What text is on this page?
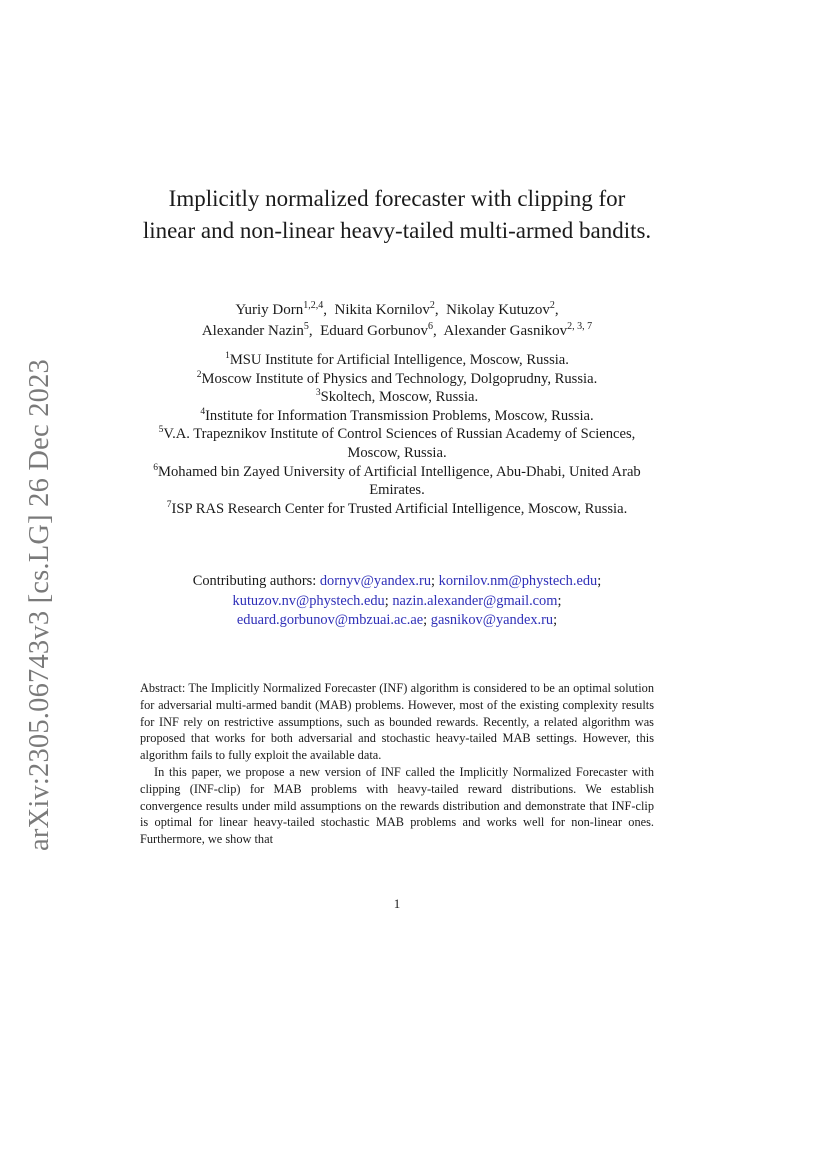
arXiv:2305.06743v3 [cs.LG] 26 Dec 2023
Implicitly normalized forecaster with clipping for linear and non-linear heavy-tailed multi-armed bandits.
Yuriy Dorn$^{1,2,4}$,  Nikita Kornilov$^2$,  Nikolay Kutuzov$^2$,
Alexander Nazin$^5$,  Eduard Gorbunov$^6$,  Alexander Gasnikov$^{2, 3, 7}$
$^1$MSU Institute for Artificial Intelligence, Moscow, Russia.
$^2$Moscow Institute of Physics and Technology, Dolgoprudny, Russia.
$^3$Skoltech, Moscow, Russia.
$^4$Institute for Information Transmission Problems, Moscow, Russia.
$^5$V.A. Trapeznikov Institute of Control Sciences of Russian Academy of Sciences, Moscow, Russia.
$^6$Mohamed bin Zayed University of Artificial Intelligence, Abu-Dhabi, United Arab Emirates.
$^7$ISP RAS Research Center for Trusted Artificial Intelligence, Moscow, Russia.
Contributing authors: dornyv@yandex.ru; kornilov.nm@phystech.edu;
kutuzov.nv@phystech.edu; nazin.alexander@gmail.com;
eduard.gorbunov@mbzuai.ac.ae; gasnikov@yandex.ru;

Abstract: The Implicitly Normalized Forecaster (INF) algorithm is considered to be an optimal solution for adversarial multi-armed bandit (MAB) problems. However, most of the existing complexity results for INF rely on restrictive assumptions, such as bounded rewards. Recently, a related algorithm was proposed that works for both adversarial and stochastic heavy-tailed MAB settings. However, this algorithm fails to fully exploit the available data.

In this paper, we propose a new version of INF called the Implicitly Normalized Forecaster with clipping (INF-clip) for MAB problems with heavy-tailed reward distributions. We establish convergence results under mild assumptions on the rewards distribution and demonstrate that INF-clip is optimal for linear heavy-tailed stochastic MAB problems and works well for non-linear ones. Furthermore, we show that

1
